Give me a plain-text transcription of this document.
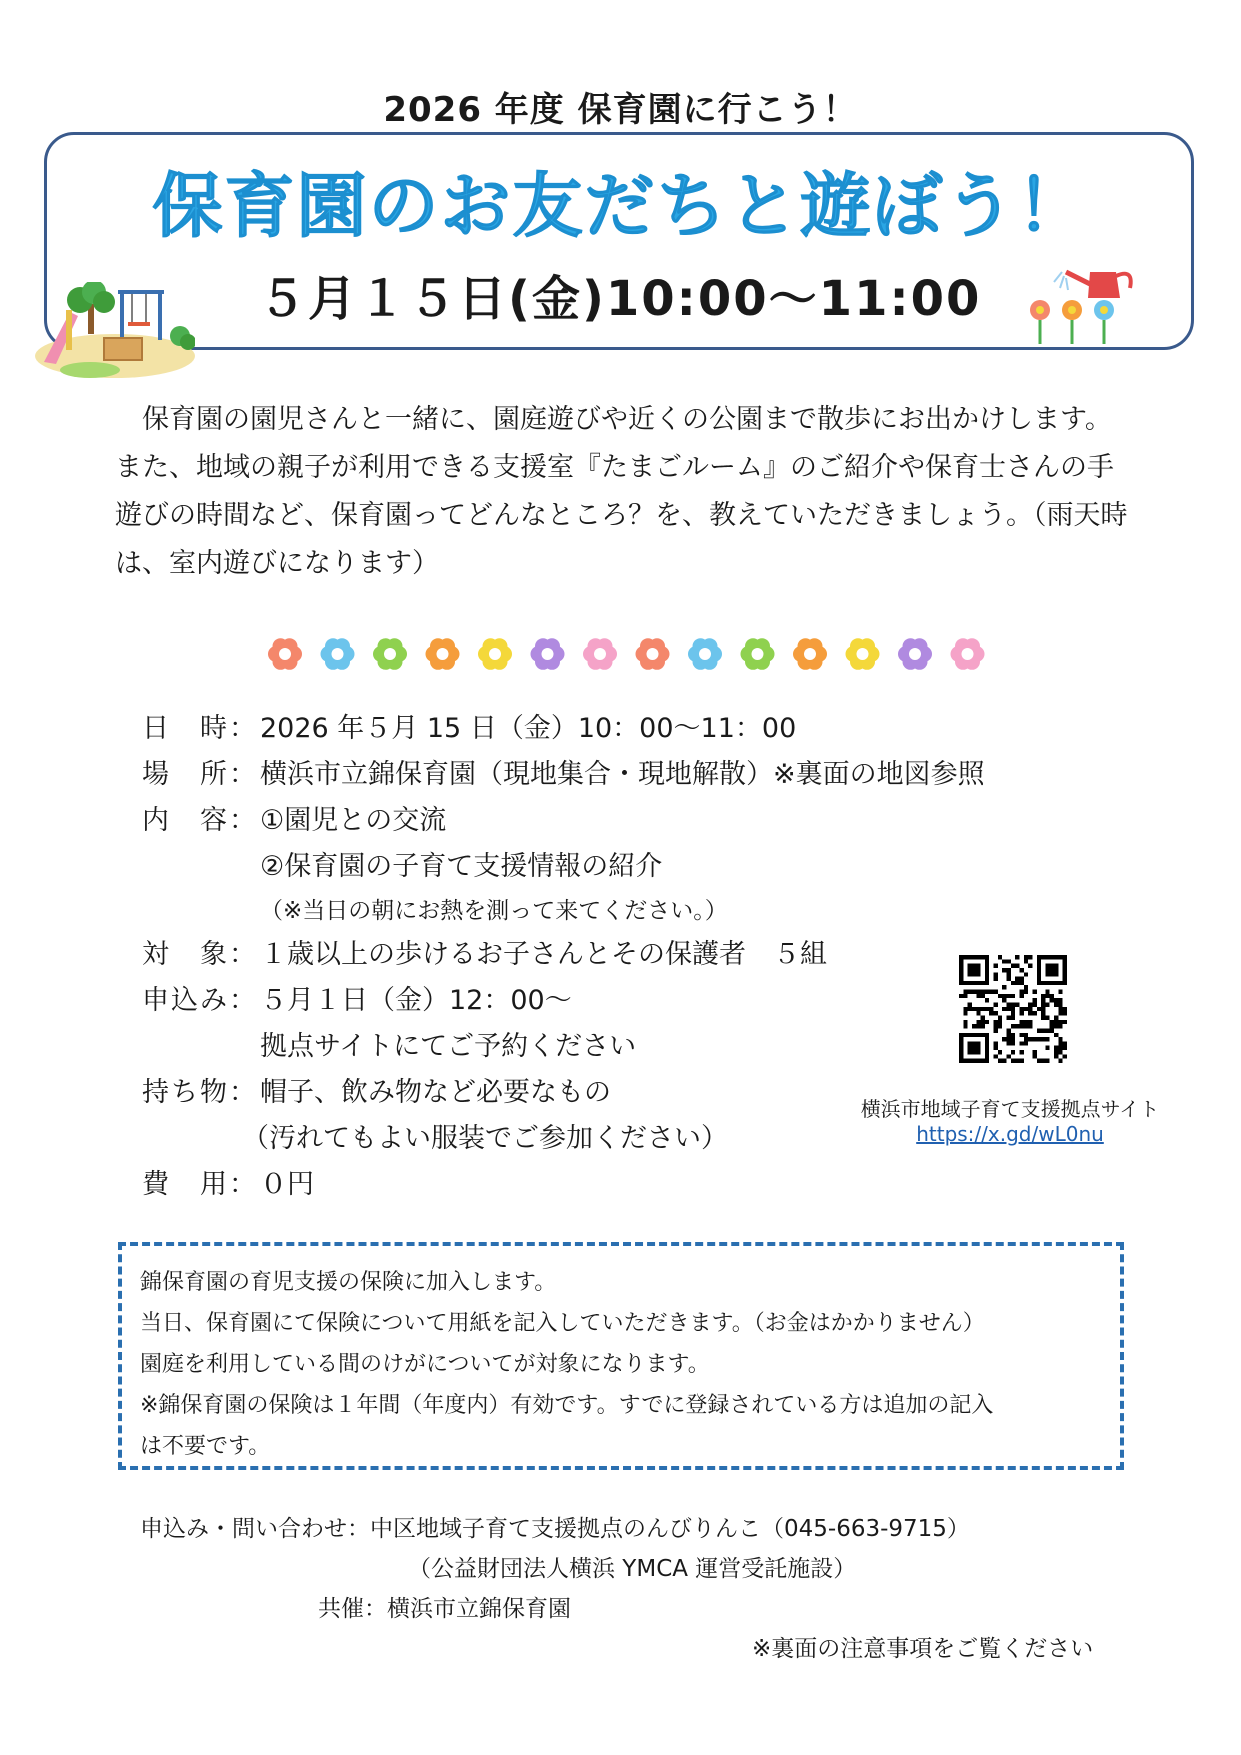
2026 年度 保育園に行こう！
保育園のお友だちと遊ぼう！
５月１５日(金)10:00～11:00
保育園の園児さんと一緒に、園庭遊びや近くの公園まで散歩にお出かけします。また、地域の親子が利用できる支援室『たまごルーム』のご紹介や保育士さんの手遊びの時間など、保育園ってどんなところ？を、教えていただきましょう。（雨天時は、室内遊びになります）
日　時：2026 年５月 15 日（金）10：00～11：00
場　所：横浜市立錦保育園（現地集合・現地解散）※裏面の地図参照
内　容：①園児との交流
②保育園の子育て支援情報の紹介
（※当日の朝にお熱を測って来てください。）
対　象：１歳以上の歩けるお子さんとその保護者　５組
申込み：５月１日（金）12：00～
拠点サイトにてご予約ください
持ち物：帽子、飲み物など必要なもの
（汚れてもよい服装でご参加ください）
費　用：０円
横浜市地域子育て支援拠点サイト
https://x.gd/wL0nu
錦保育園の育児支援の保険に加入します。
当日、保育園にて保険について用紙を記入していただきます。（お金はかかりません）
園庭を利用している間のけがについてが対象になります。
※錦保育園の保険は１年間（年度内）有効です。すでに登録されている方は追加の記入
は不要です。
申込み・問い合わせ：中区地域子育て支援拠点のんびりんこ（045-663-9715）
（公益財団法人横浜 YMCA 運営受託施設）
共催：横浜市立錦保育園
※裏面の注意事項をご覧ください
